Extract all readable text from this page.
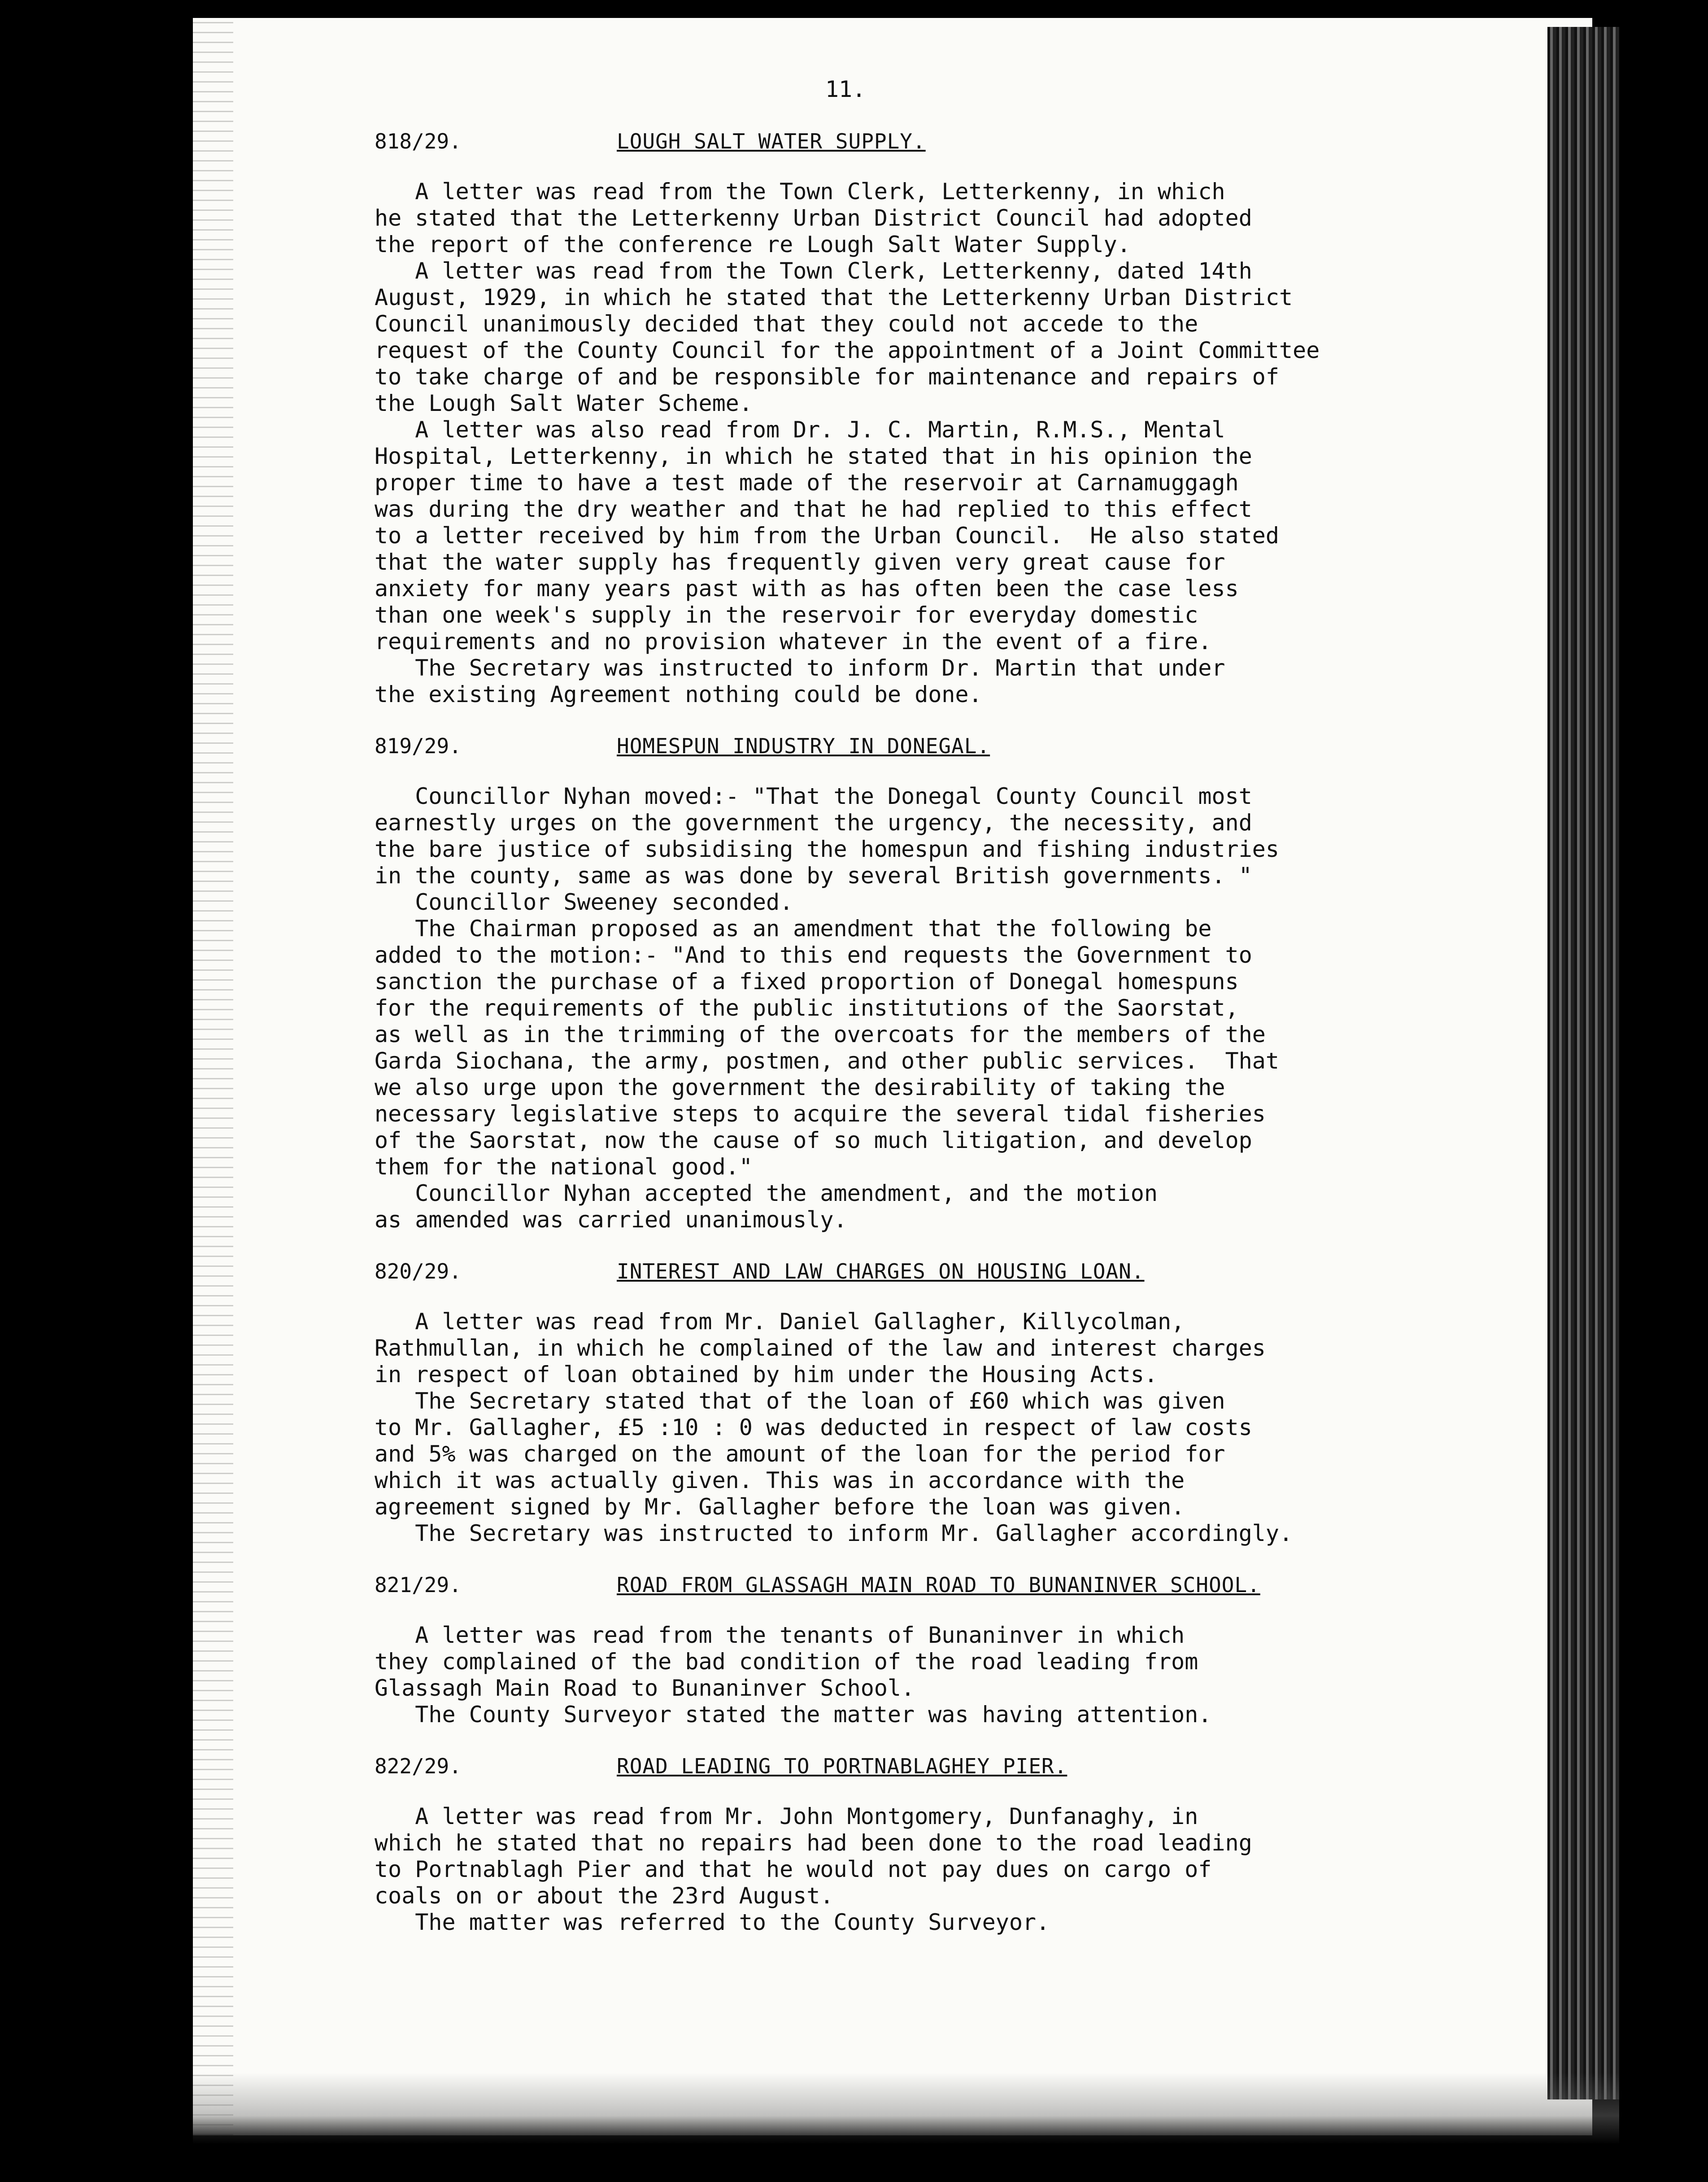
11.
818/29.	LOUGH SALT WATER SUPPLY.
A letter was read from the Town Clerk, Letterkenny, in which
he stated that the Letterkenny Urban District Council had adopted
the report of the conference re Lough Salt Water Supply.
A letter was read from the Town Clerk, Letterkenny, dated 14th
August, 1929, in which he stated that the Letterkenny Urban District
Council unanimously decided that they could not accede to the
request of the County Council for the appointment of a Joint Committee
to take charge of and be responsible for maintenance and repairs of
the Lough Salt Water Scheme.
A letter was also read from Dr. J. C. Martin, R.M.S., Mental
Hospital, Letterkenny, in which he stated that in his opinion the
proper time to have a test made of the reservoir at Carnamuggagh
was during the dry weather and that he had replied to this effect
to a letter received by him from the Urban Council.  He also stated
that the water supply has frequently given very great cause for
anxiety for many years past with as has often been the case less
than one week's supply in the reservoir for everyday domestic
requirements and no provision whatever in the event of a fire.
The Secretary was instructed to inform Dr. Martin that under
the existing Agreement nothing could be done.
819/29.	HOMESPUN INDUSTRY IN DONEGAL.
Councillor Nyhan moved:- "That the Donegal County Council most
earnestly urges on the government the urgency, the necessity, and
the bare justice of subsidising the homespun and fishing industries
in the county, same as was done by several British governments. "
Councillor Sweeney seconded.
The Chairman proposed as an amendment that the following be
added to the motion:- "And to this end requests the Government to
sanction the purchase of a fixed proportion of Donegal homespuns
for the requirements of the public institutions of the Saorstat,
as well as in the trimming of the overcoats for the members of the
Garda Siochana, the army, postmen, and other public services.  That
we also urge upon the government the desirability of taking the
necessary legislative steps to acquire the several tidal fisheries
of the Saorstat, now the cause of so much litigation, and develop
them for the national good."
Councillor Nyhan accepted the amendment, and the motion
as amended was carried unanimously.
820/29.	INTEREST AND LAW CHARGES ON HOUSING LOAN.
A letter was read from Mr. Daniel Gallagher, Killycolman,
Rathmullan, in which he complained of the law and interest charges
in respect of loan obtained by him under the Housing Acts.
The Secretary stated that of the loan of £60 which was given
to Mr. Gallagher, £5 :10 : 0 was deducted in respect of law costs
and 5% was charged on the amount of the loan for the period for
which it was actually given. This was in accordance with the
agreement signed by Mr. Gallagher before the loan was given.
The Secretary was instructed to inform Mr. Gallagher accordingly.
821/29.	ROAD FROM GLASSAGH MAIN ROAD TO BUNANINVER SCHOOL.
A letter was read from the tenants of Bunaninver in which
they complained of the bad condition of the road leading from
Glassagh Main Road to Bunaninver School.
The County Surveyor stated the matter was having attention.
822/29.	ROAD LEADING TO PORTNABLAGHEY PIER.
A letter was read from Mr. John Montgomery, Dunfanaghy, in
which he stated that no repairs had been done to the road leading
to Portnablagh Pier and that he would not pay dues on cargo of
coals on or about the 23rd August.
The matter was referred to the County Surveyor.
